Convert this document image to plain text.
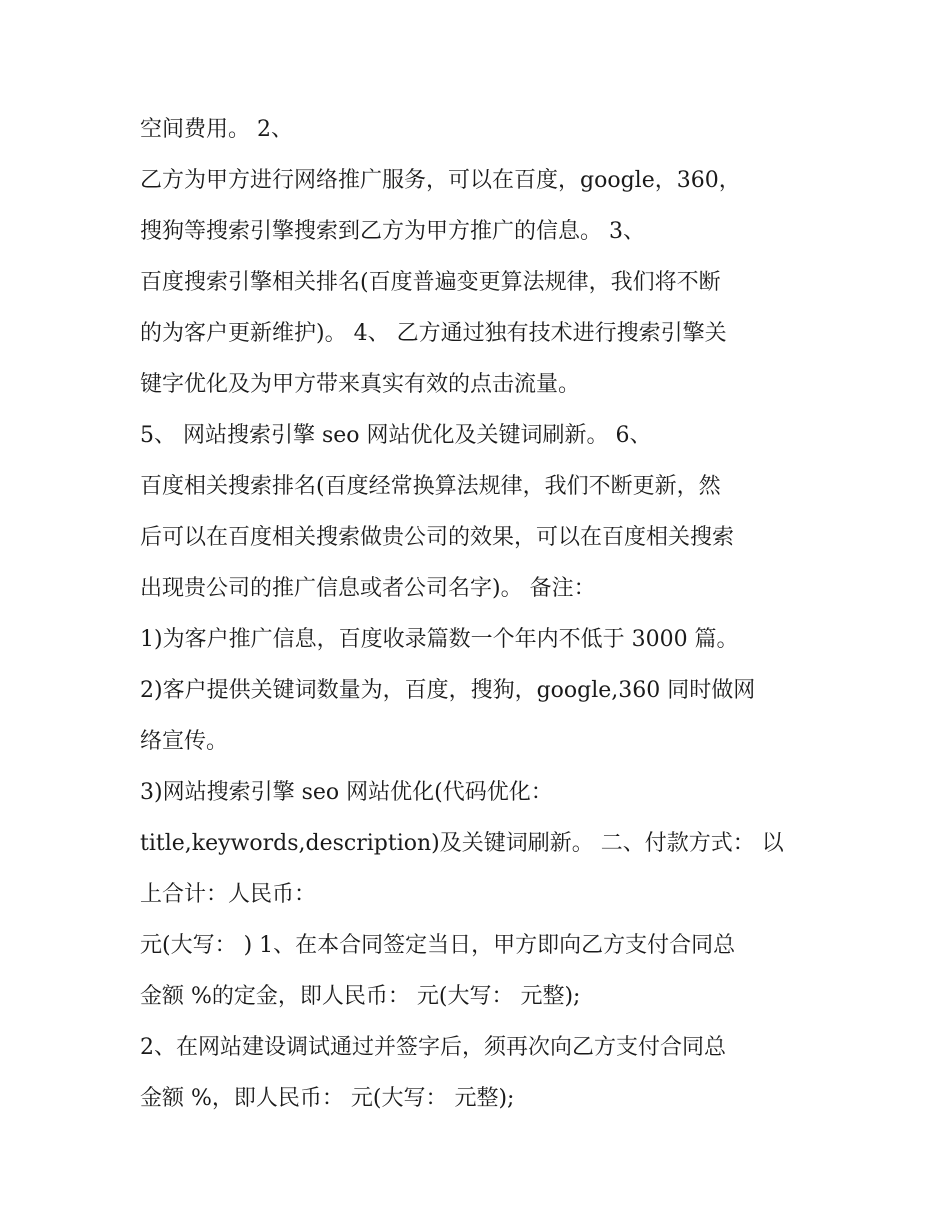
空间费用。 2、
乙方为甲方进行网络推广服务，可以在百度，google，360，
搜狗等搜索引擎搜索到乙方为甲方推广的信息。 3、
百度搜索引擎相关排名(百度普遍变更算法规律，我们将不断
的为客户更新维护)。 4、 乙方通过独有技术进行搜索引擎关
键字优化及为甲方带来真实有效的点击流量。
5、 网站搜索引擎 seo 网站优化及关键词刷新。 6、
百度相关搜索排名(百度经常换算法规律，我们不断更新，然
后可以在百度相关搜索做贵公司的效果，可以在百度相关搜索
出现贵公司的推广信息或者公司名字)。 备注：
1)为客户推广信息，百度收录篇数一个年内不低于 3000 篇。
2)客户提供关键词数量为，百度，搜狗，google,360 同时做网
络宣传。
3)网站搜索引擎 seo 网站优化(代码优化：
title,keywords,description)及关键词刷新。 二、付款方式： 以
上合计：人民币：
元(大写： ) 1、在本合同签定当日，甲方即向乙方支付合同总
金额 %的定金，即人民币： 元(大写： 元整);
2、在网站建设调试通过并签字后，须再次向乙方支付合同总
金额 %，即人民币： 元(大写： 元整);
